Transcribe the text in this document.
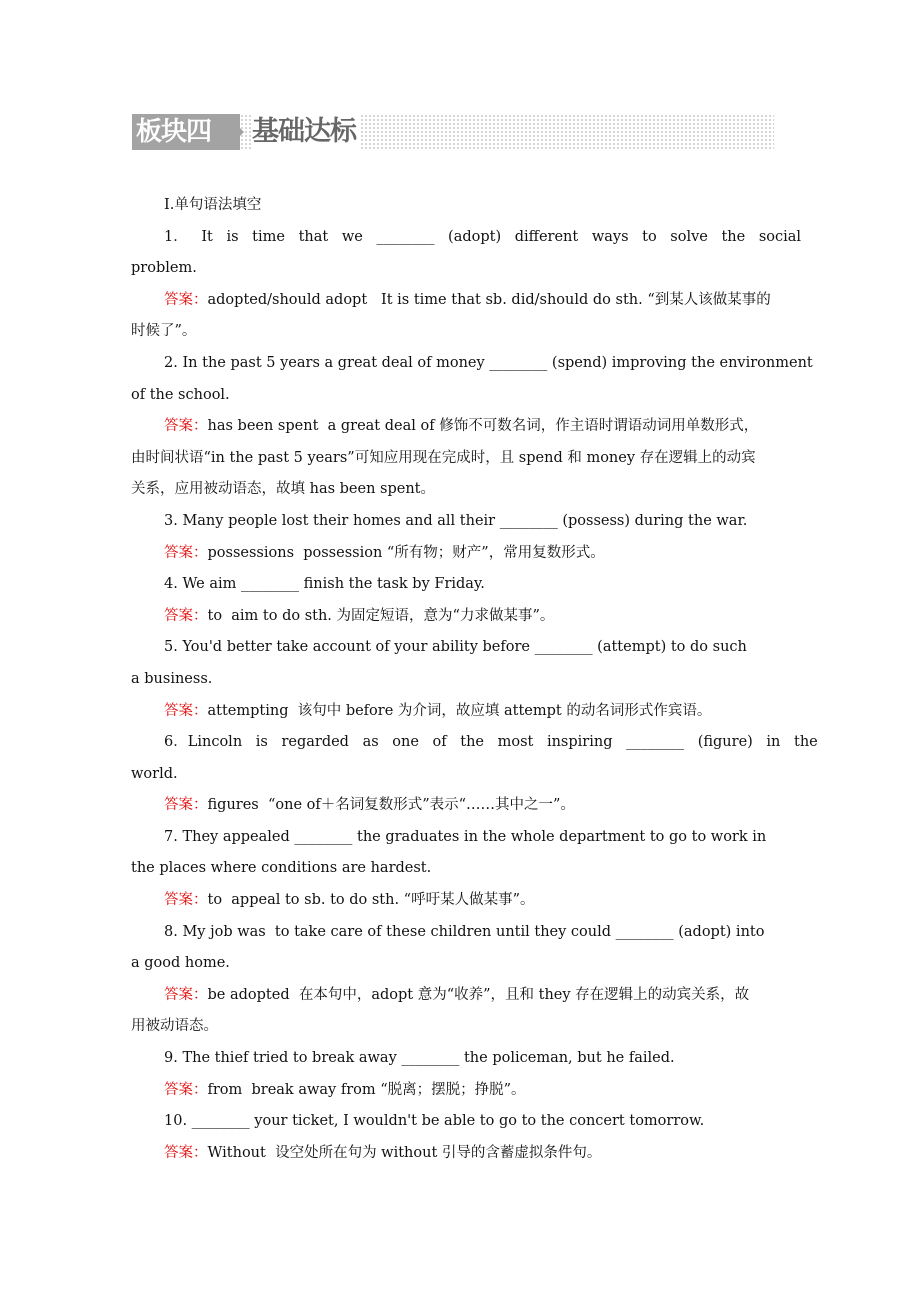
板块四	基础达标
Ⅰ.单句语法填空
1． It is time that we ________ (adopt) different ways to solve the social
problem.
答案：adopted/should adopt   It is time that sb. did/should do sth. “到某人该做某事的
时候了”。
2. In the past 5 years a great deal of money ________ (spend) improving the environment
of the school.
答案：has been spent  a great deal of 修饰不可数名词，作主语时谓语动词用单数形式，
由时间状语“in the past 5 years”可知应用现在完成时，且 spend 和 money 存在逻辑上的动宾
关系，应用被动语态，故填 has been spent。
3. Many people lost their homes and all their ________ (possess) during the war.
答案：possessions  possession “所有物；财产”，常用复数形式。
4. We aim ________ finish the task by Friday.
答案：to  aim to do sth. 为固定短语，意为“力求做某事”。
5. You'd better take account of your ability before ________ (attempt) to do such
a business.
答案：attempting  该句中 before 为介词，故应填 attempt 的动名词形式作宾语。
6．Lincoln is regarded as one of the most inspiring ________ (figure) in the
world.
答案：figures  “one of＋名词复数形式”表示“……其中之一”。
7. They appealed ________ the graduates in the whole department to go to work in
the places where conditions are hardest.
答案：to  appeal to sb. to do sth. “呼吁某人做某事”。
8. My job was  to take care of these children until they could ________ (adopt) into
a good home.
答案：be adopted  在本句中，adopt 意为“收养”，且和 they 存在逻辑上的动宾关系，故
用被动语态。
9. The thief tried to break away ________ the policeman, but he failed.
答案：from  break away from “脱离；摆脱；挣脱”。
10. ________ your ticket, I wouldn't be able to go to the concert tomorrow.
答案：Without  设空处所在句为 without 引导的含蓄虚拟条件句。
